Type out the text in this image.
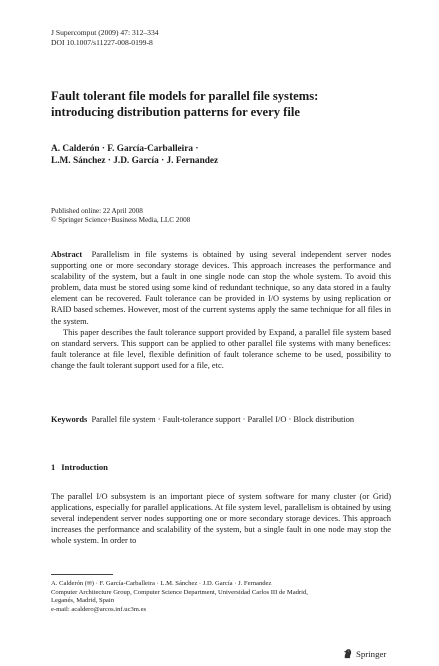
J Supercomput (2009) 47: 312–334
DOI 10.1007/s11227-008-0199-8
Fault tolerant file models for parallel file systems:
introducing distribution patterns for every file
A. Calderón · F. García-Carballeira ·
L.M. Sánchez · J.D. García · J. Fernandez
Published online: 22 April 2008
© Springer Science+Business Media, LLC 2008

Abstract Parallelism in file systems is obtained by using several independent server nodes supporting one or more secondary storage devices. This approach increases the performance and scalability of the system, but a fault in one single node can stop the whole system. To avoid this problem, data must be stored using some kind of redundant technique, so any data stored in a faulty element can be recovered. Fault tolerance can be provided in I/O systems by using replication or RAID based schemes. However, most of the current systems apply the same technique for all files in the system.

This paper describes the fault tolerance support provided by Expand, a parallel file system based on standard servers. This support can be applied to other parallel file systems with many benefices: fault tolerance at file level, flexible definition of fault tolerance scheme to be used, possibility to change the fault tolerant support used for a file, etc.

Keywords Parallel file system · Fault-tolerance support · Parallel I/O · Block distribution
1 Introduction

The parallel I/O subsystem is an important piece of system software for many cluster (or Grid) applications, especially for parallel applications. At file system level, parallelism is obtained by using several independent server nodes supporting one or more secondary storage devices. This approach increases the performance and scalability of the system, but a single fault in one node may stop the whole system. In order to

A. Calderón (✉) · F. García-Carballeira · L.M. Sánchez · J.D. García · J. Fernandez
Computer Architecture Group, Computer Science Department, Universidad Carlos III de Madrid,
Leganés, Madrid, Spain
e-mail: acaldero@arcos.inf.uc3m.es
Springer
